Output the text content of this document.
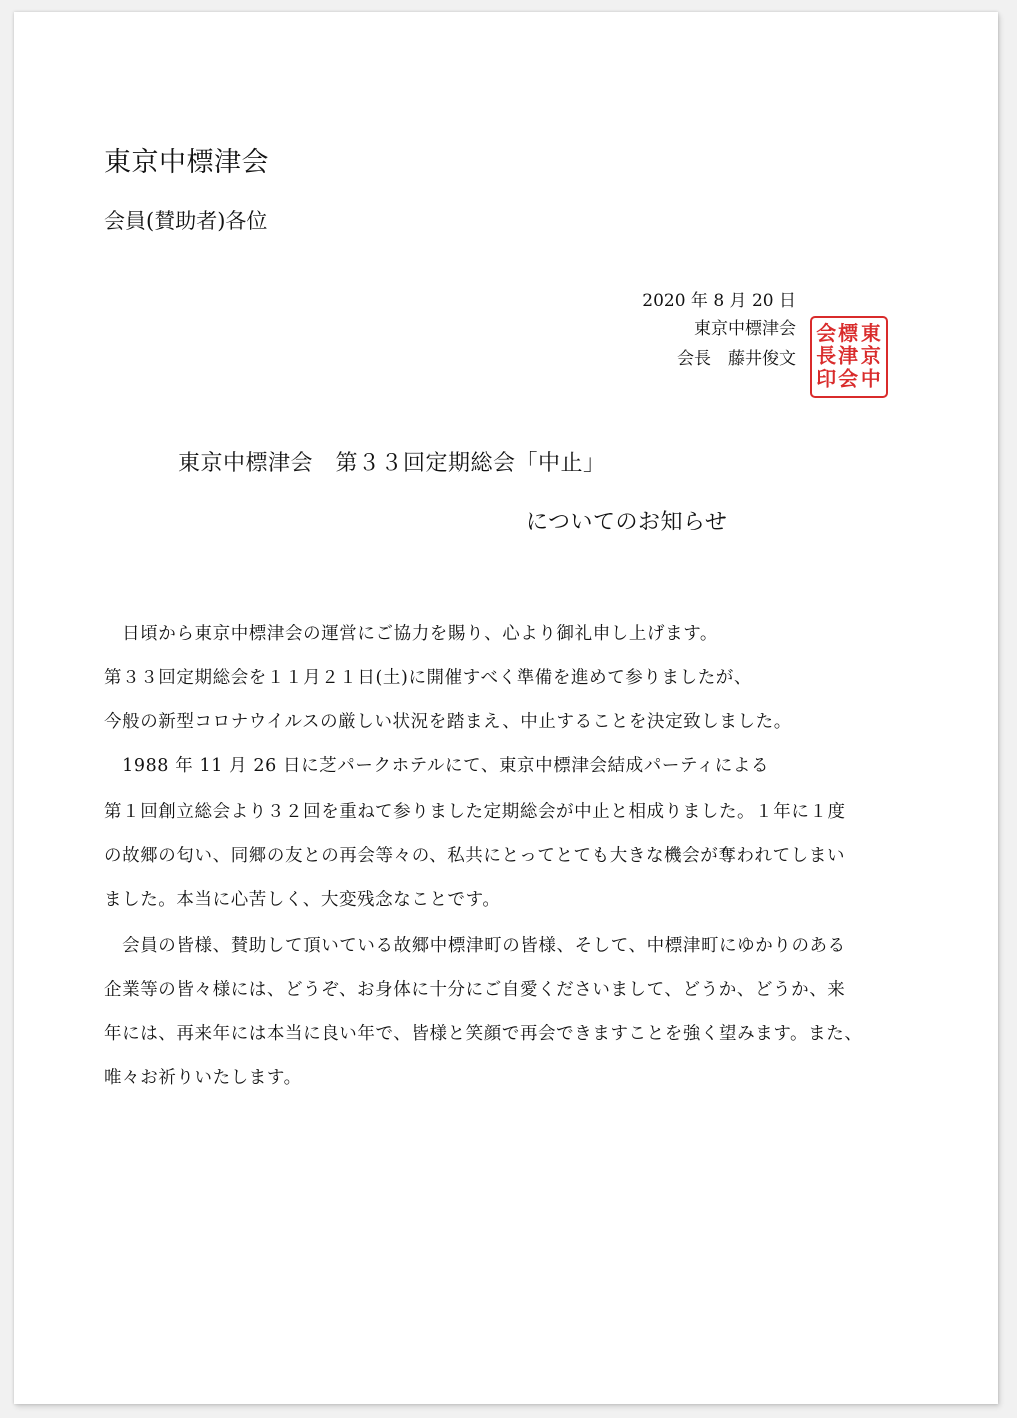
東京中標津会
会員(賛助者)各位
2020 年 8 月 20 日
東京中標津会
会長　藤井俊文
東
京
中
標
津
会
会
長
印
東京中標津会　第３３回定期総会「中止」
についてのお知らせ
　日頃から東京中標津会の運営にご協力を賜り、心より御礼申し上げます。
第３３回定期総会を１１月２１日(土)に開催すべく準備を進めて参りましたが、
今般の新型コロナウイルスの厳しい状況を踏まえ、中止することを決定致しました。
　1988 年 11 月 26 日に芝パークホテルにて、東京中標津会結成パーティによる
第１回創立総会より３２回を重ねて参りました定期総会が中止と相成りました。１年に１度
の故郷の匂い、同郷の友との再会等々の、私共にとってとても大きな機会が奪われてしまい
ました。本当に心苦しく、大変残念なことです。
　会員の皆様、賛助して頂いている故郷中標津町の皆様、そして、中標津町にゆかりのある
企業等の皆々様には、どうぞ、お身体に十分にご自愛くださいまして、どうか、どうか、来
年には、再来年には本当に良い年で、皆様と笑顔で再会できますことを強く望みます。また、
唯々お祈りいたします。
